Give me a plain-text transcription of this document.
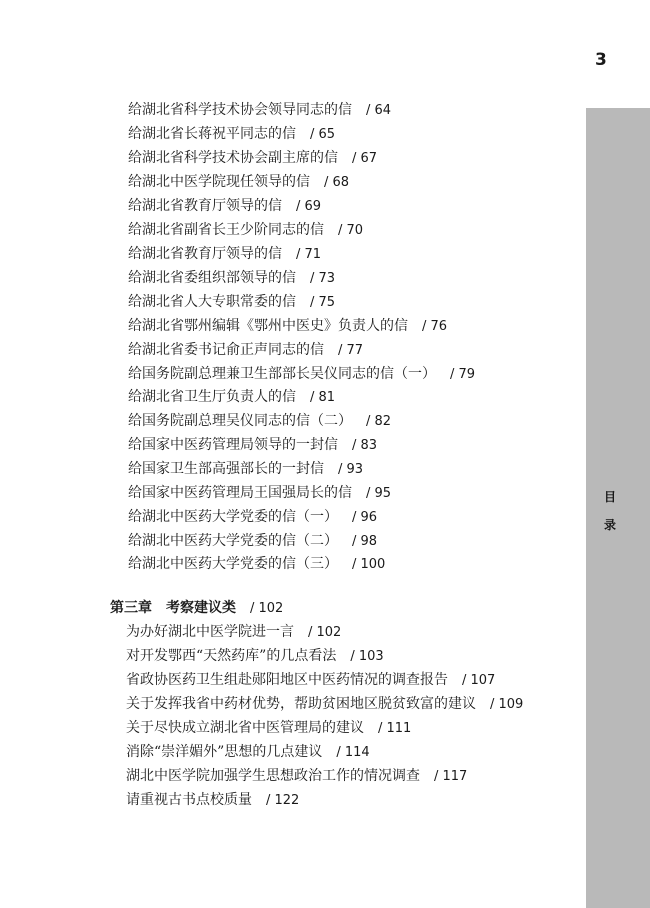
3
目
录
给湖北省科学技术协会领导同志的信 / 64
给湖北省长蒋祝平同志的信 / 65
给湖北省科学技术协会副主席的信 / 67
给湖北中医学院现任领导的信 / 68
给湖北省教育厅领导的信 / 69
给湖北省副省长王少阶同志的信 / 70
给湖北省教育厅领导的信 / 71
给湖北省委组织部领导的信 / 73
给湖北省人大专职常委的信 / 75
给湖北省鄂州编辑《鄂州中医史》负责人的信 / 76
给湖北省委书记俞正声同志的信 / 77
给国务院副总理兼卫生部部长吴仪同志的信（一） / 79
给湖北省卫生厅负责人的信 / 81
给国务院副总理吴仪同志的信（二） / 82
给国家中医药管理局领导的一封信 / 83
给国家卫生部高强部长的一封信 / 93
给国家中医药管理局王国强局长的信 / 95
给湖北中医药大学党委的信（一） / 96
给湖北中医药大学党委的信（二） / 98
给湖北中医药大学党委的信（三） / 100
第三章　考察建议类 / 102
为办好湖北中医学院进一言 / 102
对开发鄂西“天然药库”的几点看法 / 103
省政协医药卫生组赴郧阳地区中医药情况的调查报告 / 107
关于发挥我省中药材优势，帮助贫困地区脱贫致富的建议 / 109
关于尽快成立湖北省中医管理局的建议 / 111
消除“崇洋媚外”思想的几点建议 / 114
湖北中医学院加强学生思想政治工作的情况调查 / 117
请重视古书点校质量 / 122
